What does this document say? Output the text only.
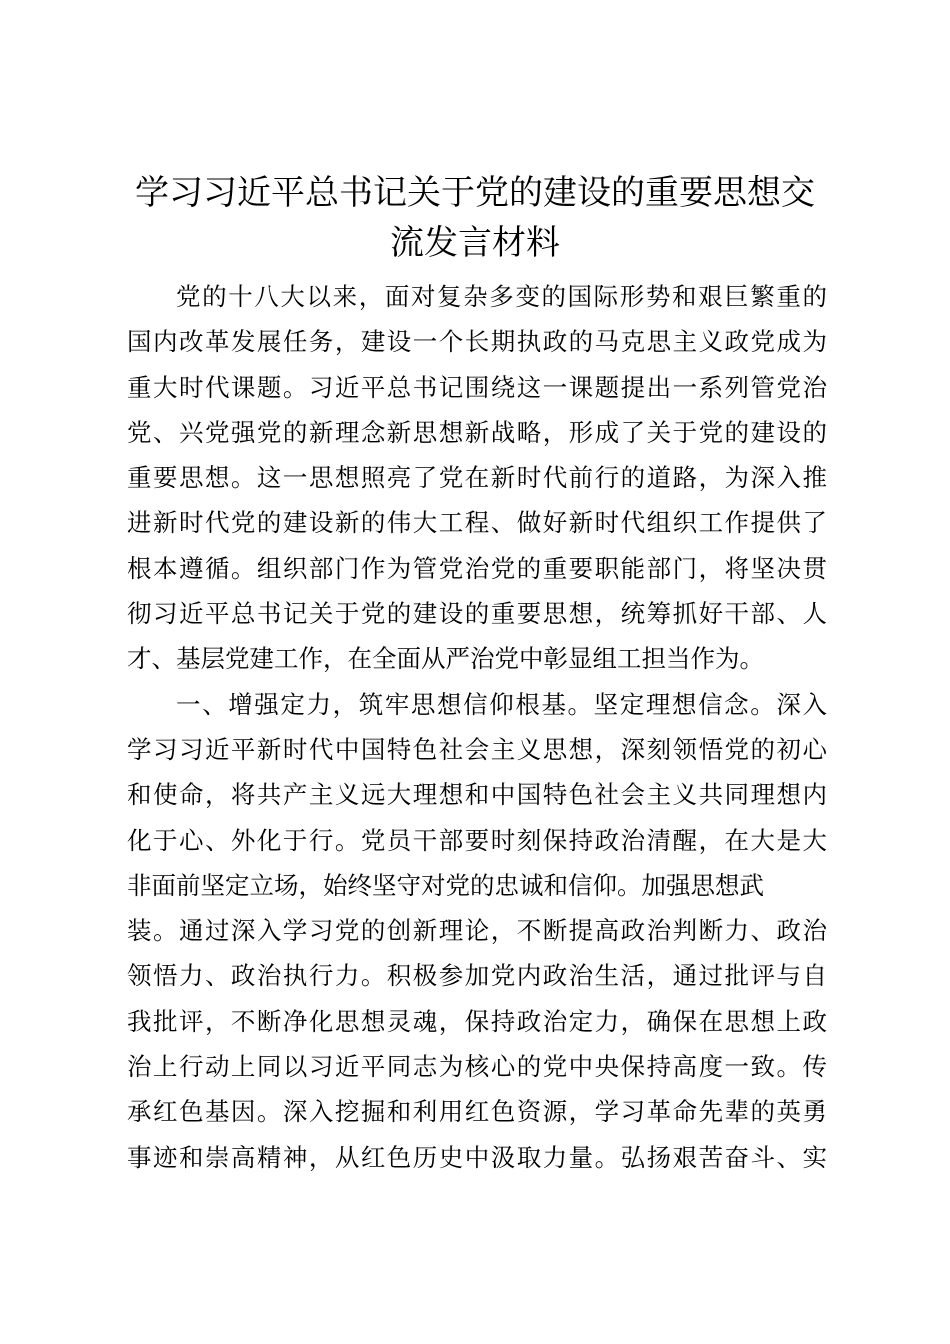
学习习近平总书记关于党的建设的重要思想交
流发言材料
党的十八大以来，面对复杂多变的国际形势和艰巨繁重的
国内改革发展任务，建设一个长期执政的马克思主义政党成为
重大时代课题。习近平总书记围绕这一课题提出一系列管党治
党、兴党强党的新理念新思想新战略，形成了关于党的建设的
重要思想。这一思想照亮了党在新时代前行的道路，为深入推
进新时代党的建设新的伟大工程、做好新时代组织工作提供了
根本遵循。组织部门作为管党治党的重要职能部门，将坚决贯
彻习近平总书记关于党的建设的重要思想，统筹抓好干部、人
才、基层党建工作，在全面从严治党中彰显组工担当作为。
一、增强定力，筑牢思想信仰根基。坚定理想信念。深入
学习习近平新时代中国特色社会主义思想，深刻领悟党的初心
和使命，将共产主义远大理想和中国特色社会主义共同理想内
化于心、外化于行。党员干部要时刻保持政治清醒，在大是大
非面前坚定立场，始终坚守对党的忠诚和信仰。加强思想武
装。通过深入学习党的创新理论，不断提高政治判断力、政治
领悟力、政治执行力。积极参加党内政治生活，通过批评与自
我批评，不断净化思想灵魂，保持政治定力，确保在思想上政
治上行动上同以习近平同志为核心的党中央保持高度一致。传
承红色基因。深入挖掘和利用红色资源，学习革命先辈的英勇
事迹和崇高精神，从红色历史中汲取力量。弘扬艰苦奋斗、实
